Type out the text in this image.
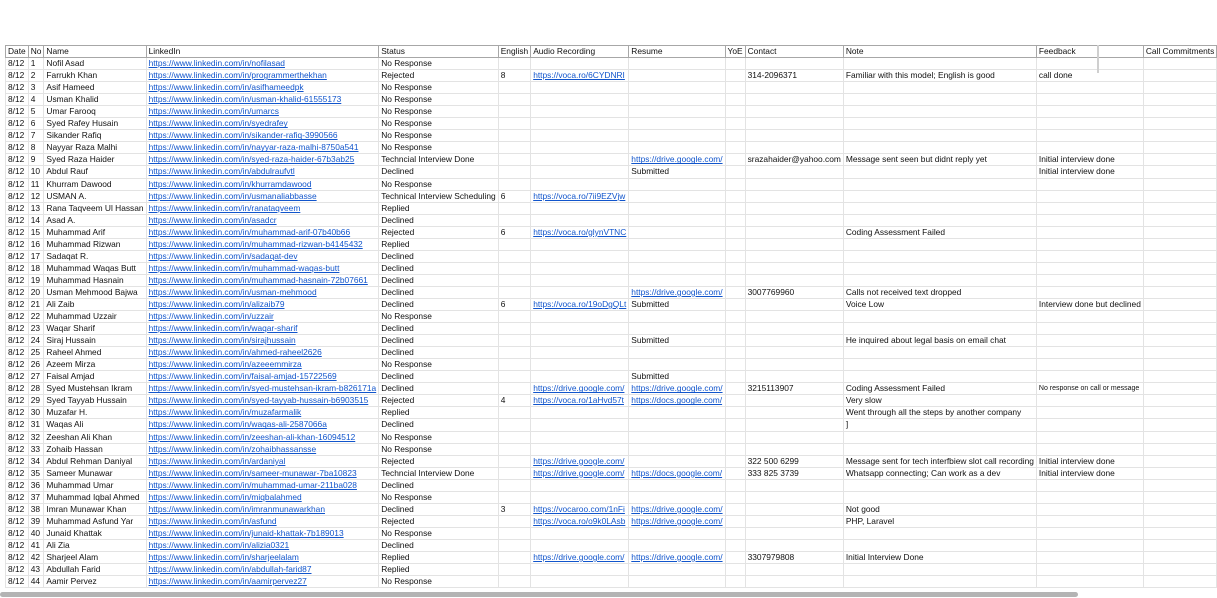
Date	No	Name	LinkedIn	Status	English	Audio Recording	Resume	YoE	Contact	Note	Feedback	Call Commitments
8/12	1	Nofil Asad	https://www.linkedin.com/in/nofilasad	No Response								
8/12	2	Farrukh Khan	https://www.linkedin.com/in/programmerthekhan	Rejected	8	https://voca.ro/6CYDNRI			314-2096371	Familiar with this model; English is good	call done	
8/12	3	Asif Hameed	https://www.linkedin.com/in/asifhameedpk	No Response								
8/12	4	Usman Khalid	https://www.linkedin.com/in/usman-khalid-61555173	No Response								
8/12	5	Umar Farooq	https://www.linkedin.com/in/umarcs	No Response								
8/12	6	Syed Rafey Husain	https://www.linkedin.com/in/syedrafey	No Response								
8/12	7	Sikander Rafiq	https://www.linkedin.com/in/sikander-rafiq-3990566	No Response								
8/12	8	Nayyar Raza Malhi	https://www.linkedin.com/in/nayyar-raza-malhi-8750a541	No Response								
8/12	9	Syed Raza Haider	https://www.linkedin.com/in/syed-raza-haider-67b3ab25	Techncial Interview Done			https://drive.google.com/		srazahaider@yahoo.com	Message sent seen but didnt reply yet	Initial interview done	
8/12	10	Abdul Rauf	https://www.linkedin.com/in/abdulraufvtl	Declined			Submitted				Initial interview done	
8/12	11	Khurram Dawood	https://www.linkedin.com/in/khurramdawood	No Response								
8/12	12	USMAN A.	https://www.linkedin.com/in/usmanaliabbasse	Technical Interview Scheduling	6	https://voca.ro/7ii9EZVjw						
8/12	13	Rana Taqveem Ul Hassan	https://www.linkedin.com/in/ranataqveem	Replied								
8/12	14	Asad A.	https://www.linkedin.com/in/asadcr	Declined								
8/12	15	Muhammad Arif	https://www.linkedin.com/in/muhammad-arif-07b40b66	Rejected	6	https://voca.ro/glynVTNC				Coding Assessment Failed		
8/12	16	Muhammad Rizwan	https://www.linkedin.com/in/muhammad-rizwan-b4145432	Replied								
8/12	17	Sadaqat R.	https://www.linkedin.com/in/sadaqat-dev	Declined								
8/12	18	Muhammad Waqas Butt	https://www.linkedin.com/in/muhammad-waqas-butt	Declined								
8/12	19	Muhammad Hasnain	https://www.linkedin.com/in/muhammad-hasnain-72b07661	Declined								
8/12	20	Usman Mehmood Bajwa	https://www.linkedin.com/in/usman-mehmood	Declined			https://drive.google.com/		3007769960	Calls not received text dropped		
8/12	21	Ali Zaib	https://www.linkedin.com/in/alizaib79	Declined	6	https://voca.ro/19oDgQLt	Submitted			Voice Low	Interview done but declined	
8/12	22	Muhammad Uzzair	https://www.linkedin.com/in/uzzair	No Response								
8/12	23	Waqar Sharif	https://www.linkedin.com/in/waqar-sharif	Declined								
8/12	24	Siraj Hussain	https://www.linkedin.com/in/sirajhussain	Declined			Submitted			He inquired about legal basis on email chat		
8/12	25	Raheel Ahmed	https://www.linkedin.com/in/ahmed-raheel2626	Declined								
8/12	26	Azeem Mirza	https://www.linkedin.com/in/azeeemmirza	No Response								
8/12	27	Faisal Amjad	https://www.linkedin.com/in/faisal-amjad-15722569	Declined			Submitted					
8/12	28	Syed Mustehsan Ikram	https://www.linkedin.com/in/syed-mustehsan-ikram-b826171a	Declined		https://drive.google.com/	https://drive.google.com/		3215113907	Coding Assessment Failed	No response on call or message	
8/12	29	Syed Tayyab Hussain	https://www.linkedin.com/in/syed-tayyab-hussain-b6903515	Rejected	4	https://voca.ro/1aHvd57t	https://docs.google.com/			Very slow		
8/12	30	Muzafar H.	https://www.linkedin.com/in/muzafarmalik	Replied						Went through all the steps by another company		
8/12	31	Waqas Ali	https://www.linkedin.com/in/waqas-ali-2587066a	Declined						]		
8/12	32	Zeeshan Ali Khan	https://www.linkedin.com/in/zeeshan-ali-khan-16094512	No Response								
8/12	33	Zohaib Hassan	https://www.linkedin.com/in/zohaibhassansse	No Response								
8/12	34	Abdul Rehman Daniyal	https://www.linkedin.com/in/ardaniyal	Rejected		https://drive.google.com/			322 500 6299	Message sent for tech interfbiew slot call recording	Initial interview done	
8/12	35	Sameer Munawar	https://www.linkedin.com/in/sameer-munawar-7ba10823	Techncial Interview Done		https://drive.google.com/	https://docs.google.com/		333 825 3739	Whatsapp connecting; Can work as a dev	Initial interview done	
8/12	36	Muhammad Umar	https://www.linkedin.com/in/muhammad-umar-211ba028	Declined								
8/12	37	Muhammad Iqbal Ahmed	https://www.linkedin.com/in/miqbalahmed	No Response								
8/12	38	Imran Munawar Khan	https://www.linkedin.com/in/imranmunawarkhan	Declined	3	https://vocaroo.com/1nFi	https://drive.google.com/			Not good		
8/12	39	Muhammad Asfund Yar	https://www.linkedin.com/in/asfund	Rejected		https://voca.ro/o9k0LAsb	https://drive.google.com/			PHP, Laravel		
8/12	40	Junaid Khattak	https://www.linkedin.com/in/junaid-khattak-7b189013	No Response								
8/12	41	Ali Zia	https://www.linkedin.com/in/alizia0321	Declined								
8/12	42	Sharjeel Alam	https://www.linkedin.com/in/sharjeelalam	Replied		https://drive.google.com/	https://drive.google.com/		3307979808	Initial Interview Done		
8/12	43	Abdullah Farid	https://www.linkedin.com/in/abdullah-farid87	Replied								
8/12	44	Aamir Pervez	https://www.linkedin.com/in/aamirpervez27	No Response								
